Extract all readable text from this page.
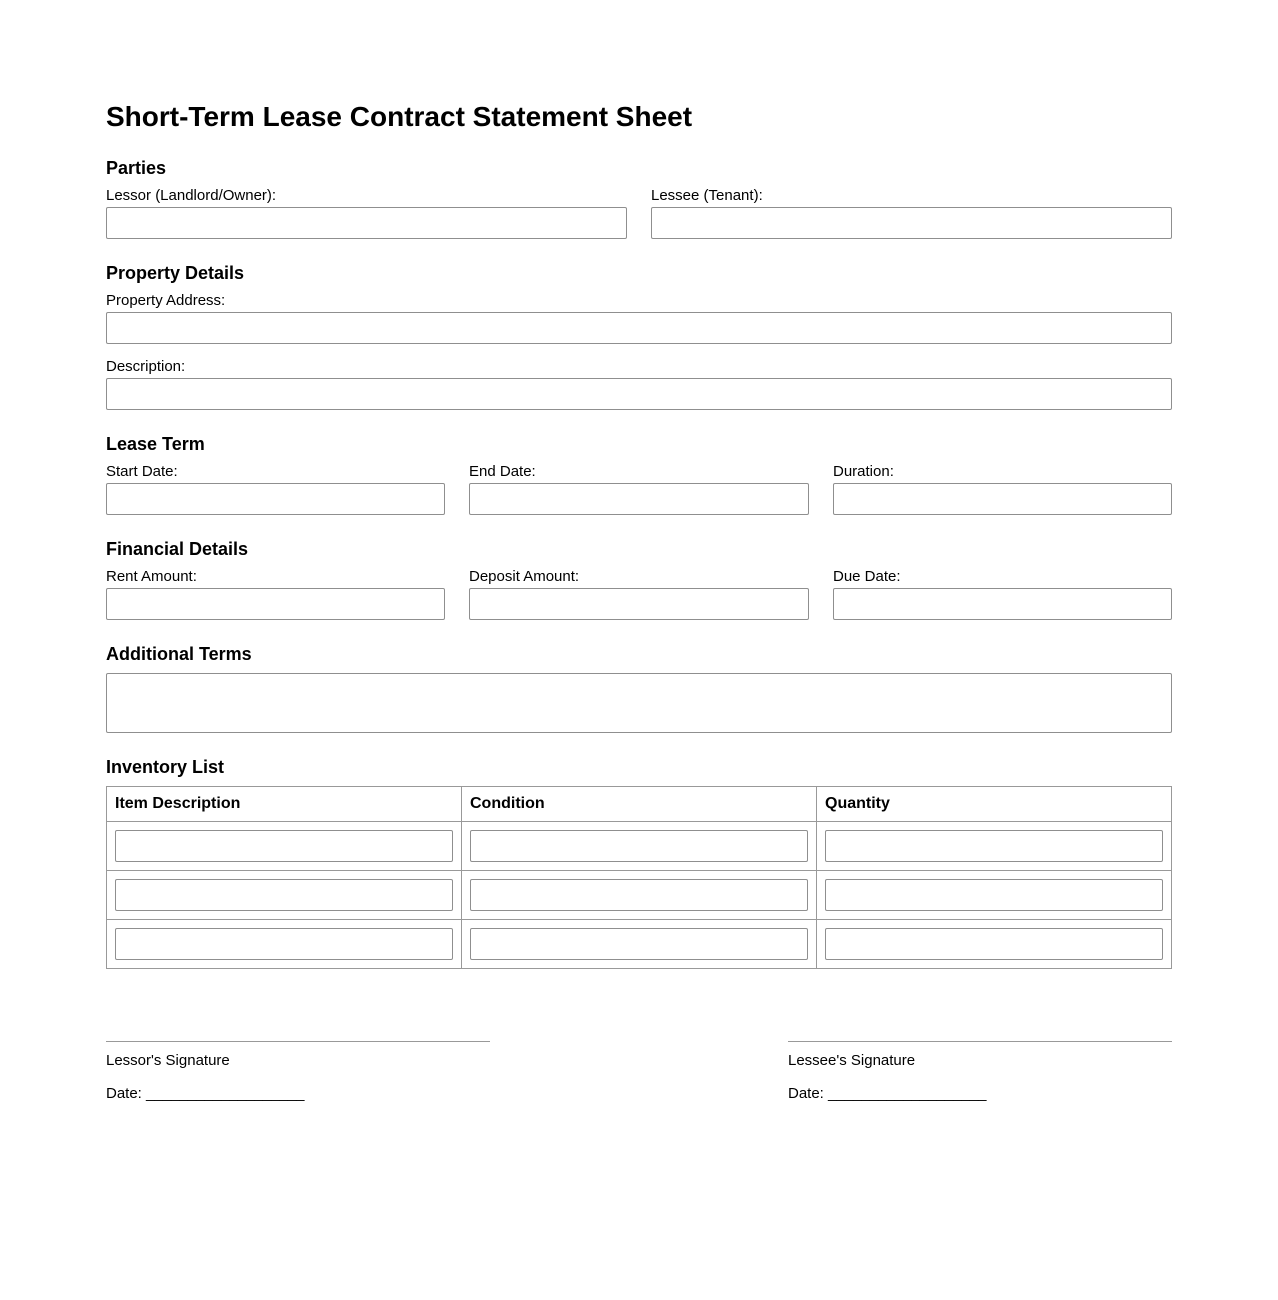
Short-Term Lease Contract Statement Sheet
Parties
Lessor (Landlord/Owner):	Lessee (Tenant):
Property Details
Property Address:
Description:
Lease Term
Start Date:	End Date:	Duration:
Financial Details
Rent Amount:	Deposit Amount:	Due Date:
Additional Terms
Inventory List
Item Description	Condition	Quantity

Lessor's Signature
Date: ___________________
Lessee's Signature
Date: ___________________
